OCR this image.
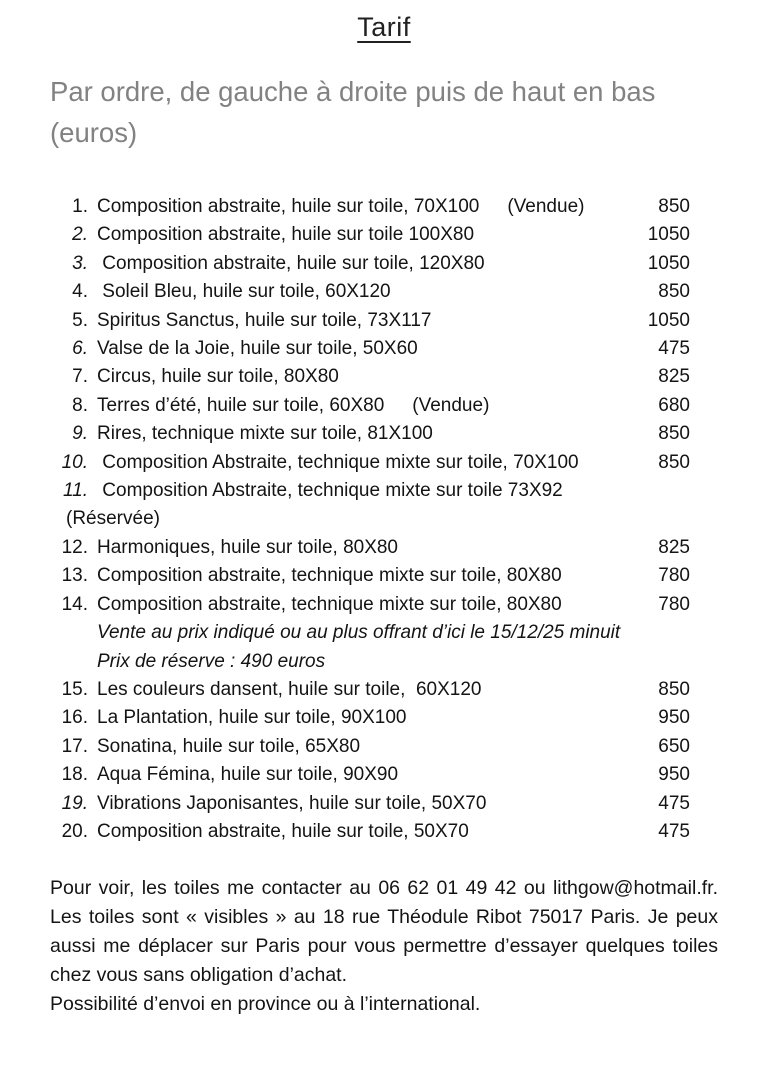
Tarif
Par ordre, de gauche à droite puis de haut en bas
(euros)
1. Composition abstraite, huile sur toile, 70X100 (Vendue)	850
2. Composition abstraite, huile sur toile 100X80	1050
3. Composition abstraite, huile sur toile, 120X80	1050
4. Soleil Bleu, huile sur toile, 60X120	850
5. Spiritus Sanctus, huile sur toile, 73X117	1050
6. Valse de la Joie, huile sur toile, 50X60	475
7. Circus, huile sur toile, 80X80	825
8. Terres d’été, huile sur toile, 60X80 (Vendue)	680
9. Rires, technique mixte sur toile, 81X100	850
10. Composition Abstraite, technique mixte sur toile, 70X100	850
11. Composition Abstraite, technique mixte sur toile 73X92
(Réservée)
12. Harmoniques, huile sur toile, 80X80	825
13. Composition abstraite, technique mixte sur toile, 80X80	780
14. Composition abstraite, technique mixte sur toile, 80X80	780
Vente au prix indiqué ou au plus offrant d’ici le 15/12/25 minuit
Prix de réserve : 490 euros
15. Les couleurs dansent, huile sur toile,  60X120	850
16. La Plantation, huile sur toile, 90X100	950
17. Sonatina, huile sur toile, 65X80	650
18. Aqua Fémina, huile sur toile, 90X90	950
19. Vibrations Japonisantes, huile sur toile, 50X70	475
20. Composition abstraite, huile sur toile, 50X70	475

Pour voir, les toiles me contacter au 06 62 01 49 42 ou lithgow@hotmail.fr. Les toiles sont « visibles » au 18 rue Théodule Ribot 75017 Paris. Je peux aussi me déplacer sur Paris pour vous permettre d’essayer quelques toiles chez vous sans obligation d’achat.

Possibilité d’envoi en province ou à l’international.
